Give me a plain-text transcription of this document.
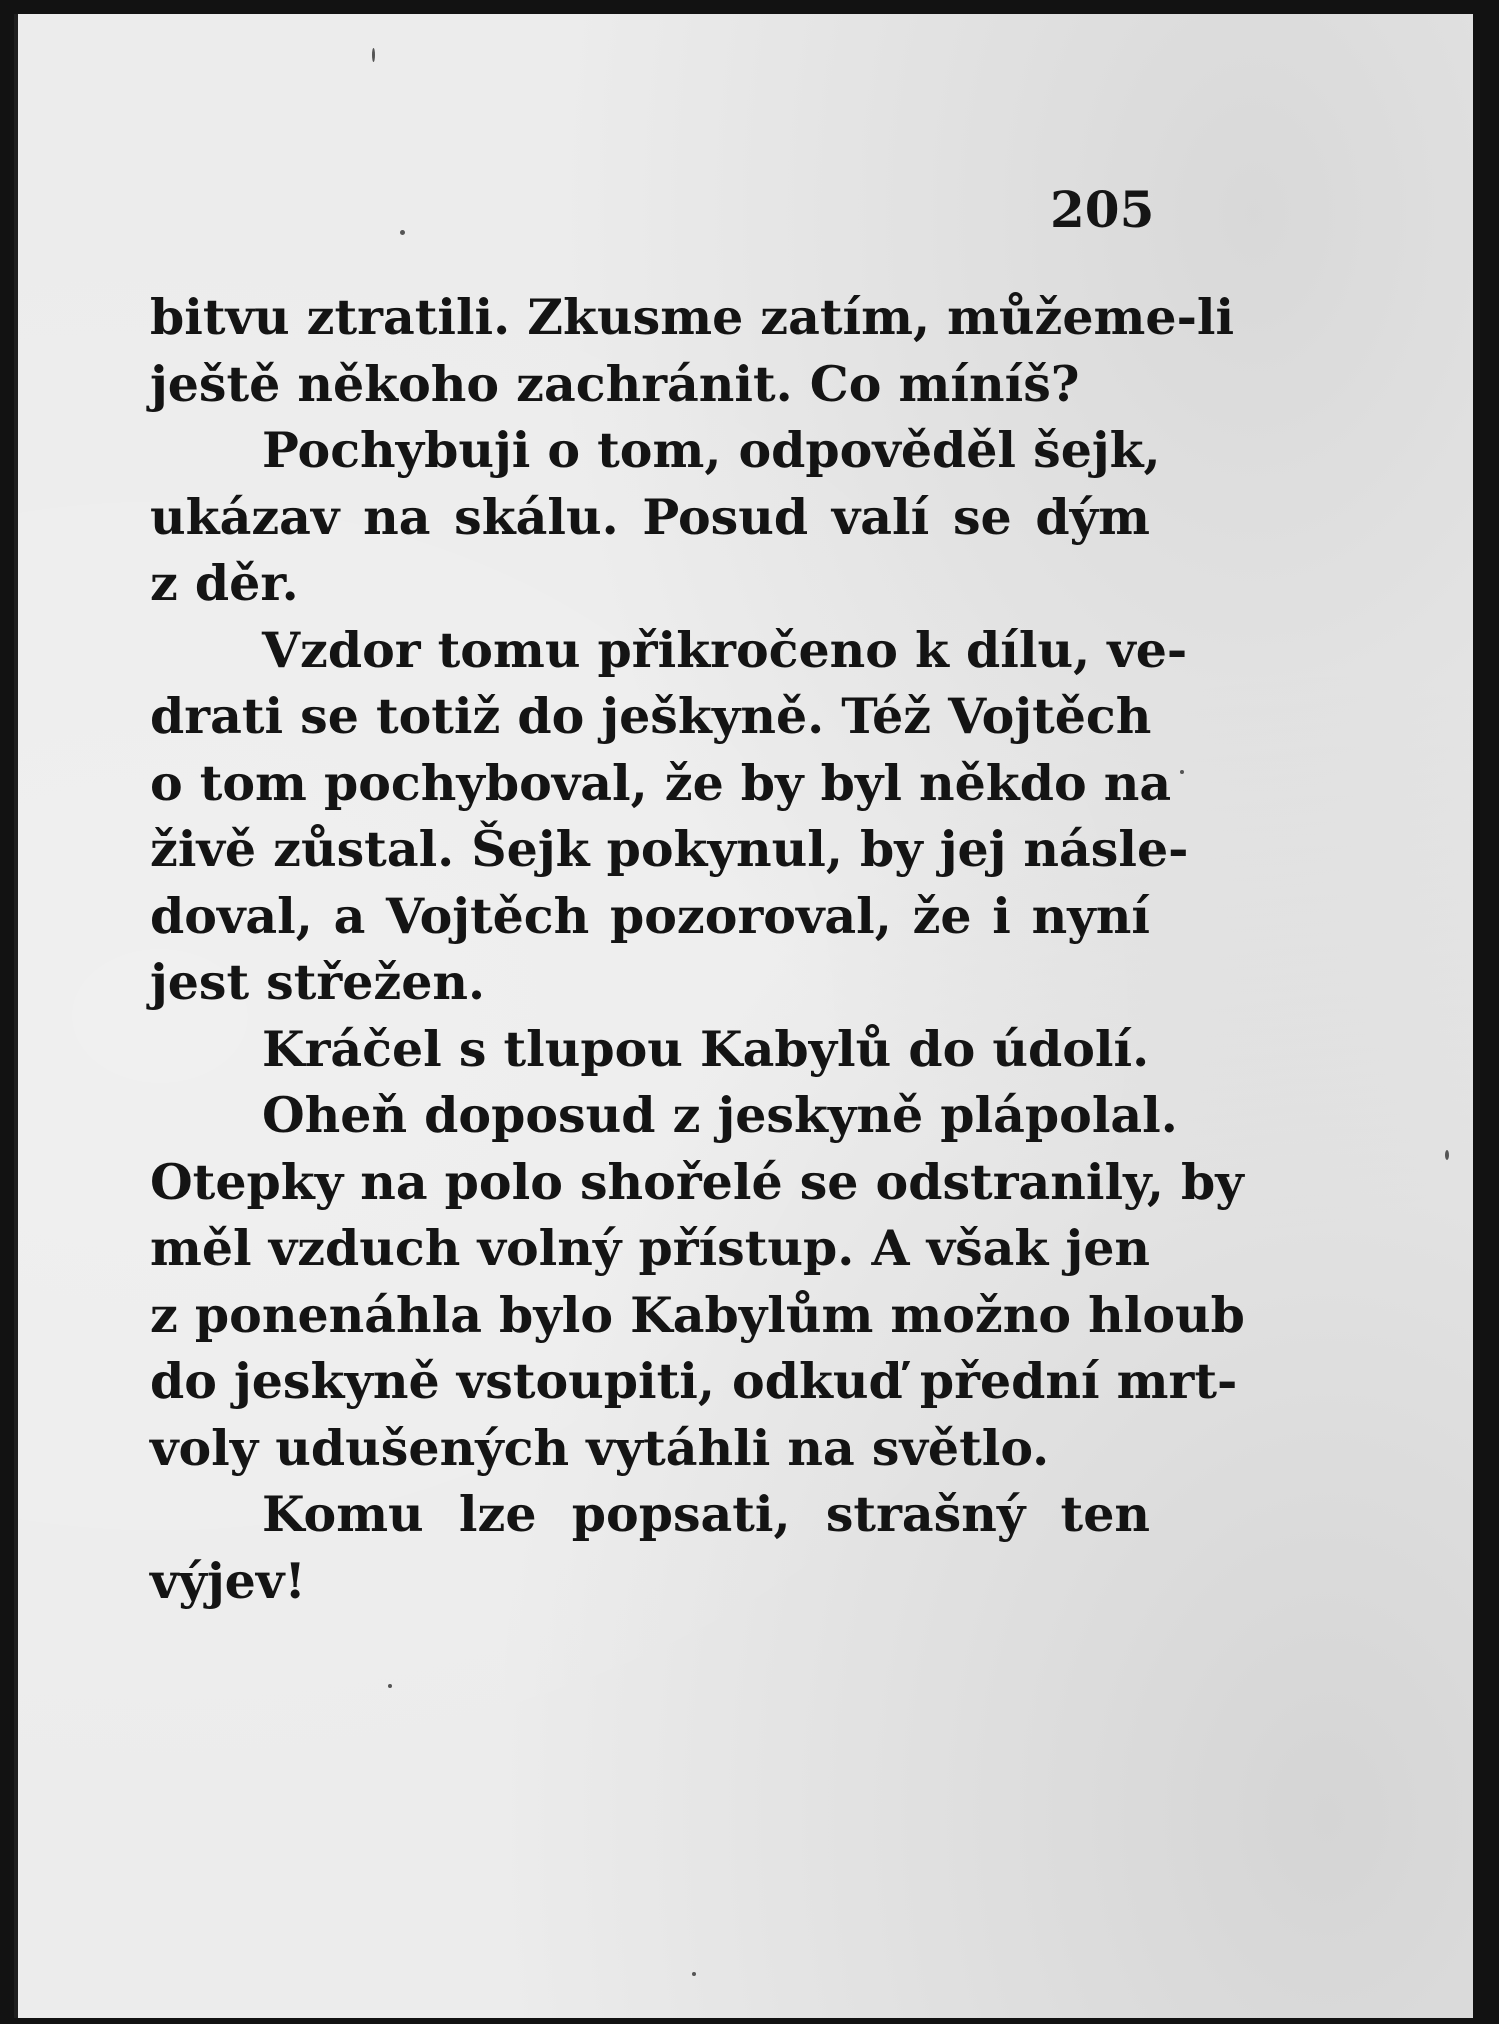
205
bitvu ztratili. Zkusme zatím, můžeme-li
ještě někoho zachránit. Co míníš?
Pochybuji o tom, odpověděl šejk,
ukázav na skálu. Posud valí se dým
z děr.
Vzdor tomu přikročeno k dílu, ve-
drati se totiž do ješkyně. Též Vojtěch
o tom pochyboval, že by byl někdo na
živě zůstal. Šejk pokynul, by jej násle-
doval, a Vojtěch pozoroval, že i nyní
jest střežen.
Kráčel s tlupou Kabylů do údolí.
Oheň doposud z jeskyně plápolal.
Otepky na polo shořelé se odstranily, by
měl vzduch volný přístup. A však jen
z ponenáhla bylo Kabylům možno hloub
do jeskyně vstoupiti, odkuď přední mrt-
voly udušených vytáhli na světlo.
Komu lze popsati, strašný ten
výjev!
